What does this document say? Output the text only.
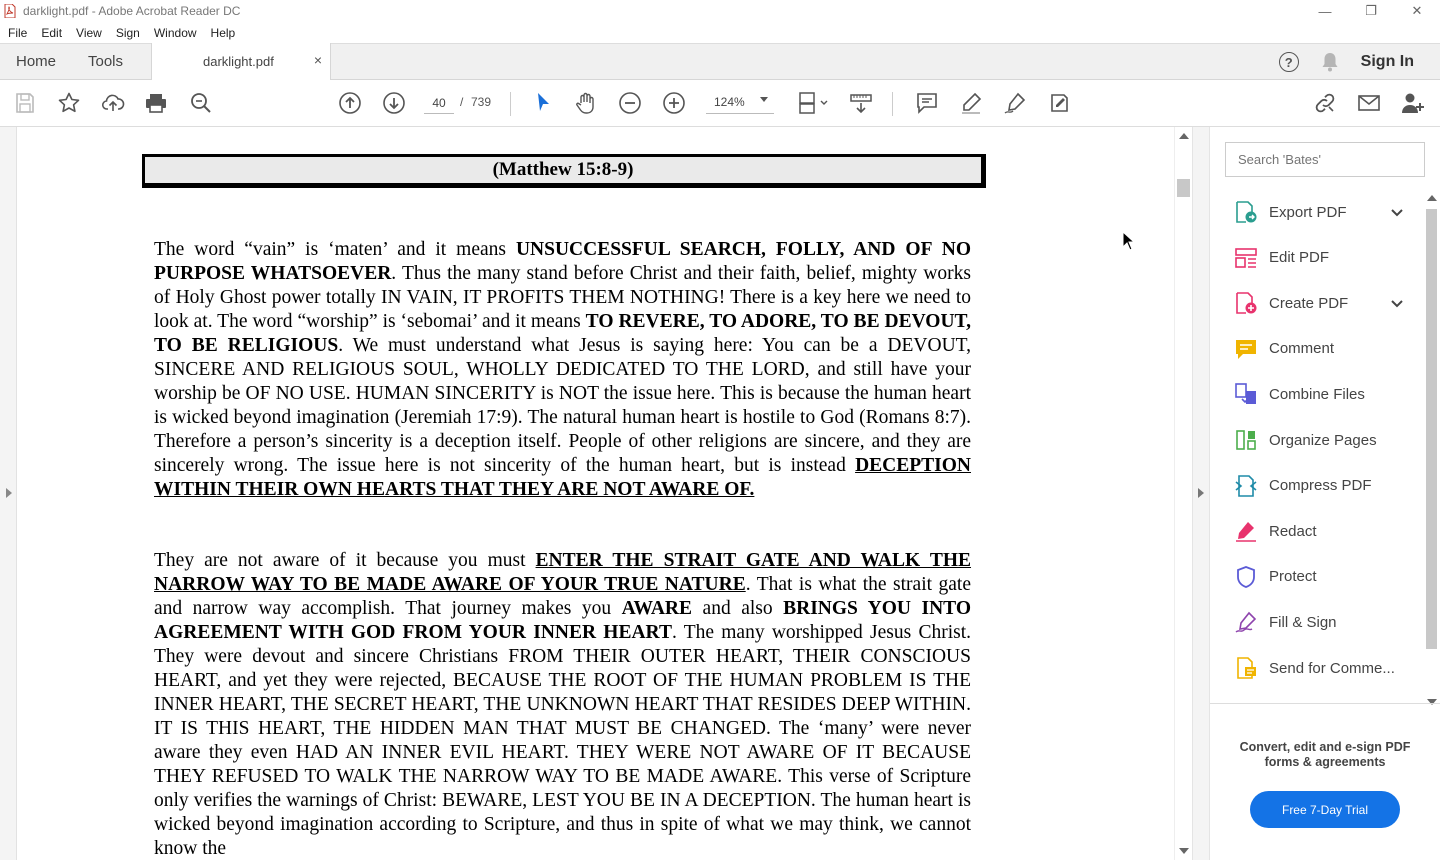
darklight.pdf - Adobe Acrobat Reader DC	—	❐	✕
File	Edit	View	Sign	Window	Help
Home Tools	darklight.pdf	×	?	Sign In
40
/ 739	124%
(Matthew 15:8-9)
The word “vain” is ‘maten’ and it means UNSUCCESSFUL SEARCH, FOLLY, AND OF NO PURPOSE WHATSOEVER. Thus the many stand before Christ and their faith, belief, mighty works of Holy Ghost power totally IN VAIN, IT PROFITS THEM NOTHING! There is a key here we need to look at. The word “worship” is ‘sebomai’ and it means TO REVERE, TO ADORE, TO BE DEVOUT, TO BE RELIGIOUS. We must understand what Jesus is saying here: You can be a DEVOUT, SINCERE AND RELIGIOUS SOUL, WHOLLY DEDICATED TO THE LORD, and still have your worship be OF NO USE. HUMAN SINCERITY is NOT the issue here. This is because the human heart is wicked beyond imagination (Jeremiah 17:9). The natural human heart is hostile to God (Romans 8:7). Therefore a person’s sincerity is a deception itself. People of other religions are sincere, and they are sincerely wrong. The issue here is not sincerity of the human heart, but is instead DECEPTION WITHIN THEIR OWN HEARTS THAT THEY ARE NOT AWARE OF.
They are not aware of it because you must ENTER THE STRAIT GATE AND WALK THE NARROW WAY TO BE MADE AWARE OF YOUR TRUE NATURE. That is what the strait gate and narrow way accomplish. That journey makes you AWARE and also BRINGS YOU INTO AGREEMENT WITH GOD FROM YOUR INNER HEART. The many worshipped Jesus Christ. They were devout and sincere Christians FROM THEIR OUTER HEART, THEIR CONSCIOUS HEART, and yet they were rejected, BECAUSE THE ROOT OF THE HUMAN PROBLEM IS THE INNER HEART, THE SECRET HEART, THE UNKNOWN HEART THAT RESIDES DEEP WITHIN. IT IS THIS HEART, THE HIDDEN MAN THAT MUST BE CHANGED. The ‘many’ were never aware they even HAD AN INNER EVIL HEART. THEY WERE NOT AWARE OF IT BECAUSE THEY REFUSED TO WALK THE NARROW WAY TO BE MADE AWARE. This verse of Scripture only verifies the warnings of Christ: BEWARE, LEST YOU BE IN A DECEPTION. The human heart is wicked beyond imagination according to Scripture, and thus in spite of what we may think, we cannot know the
Search 'Bates'
Export PDF
Edit PDF
Create PDF
Comment
Combine Files
Organize Pages
Compress PDF
Redact
Protect
Fill & Sign
Send for Comme...
Convert, edit and e-sign PDF forms & agreements
Free 7-Day Trial
